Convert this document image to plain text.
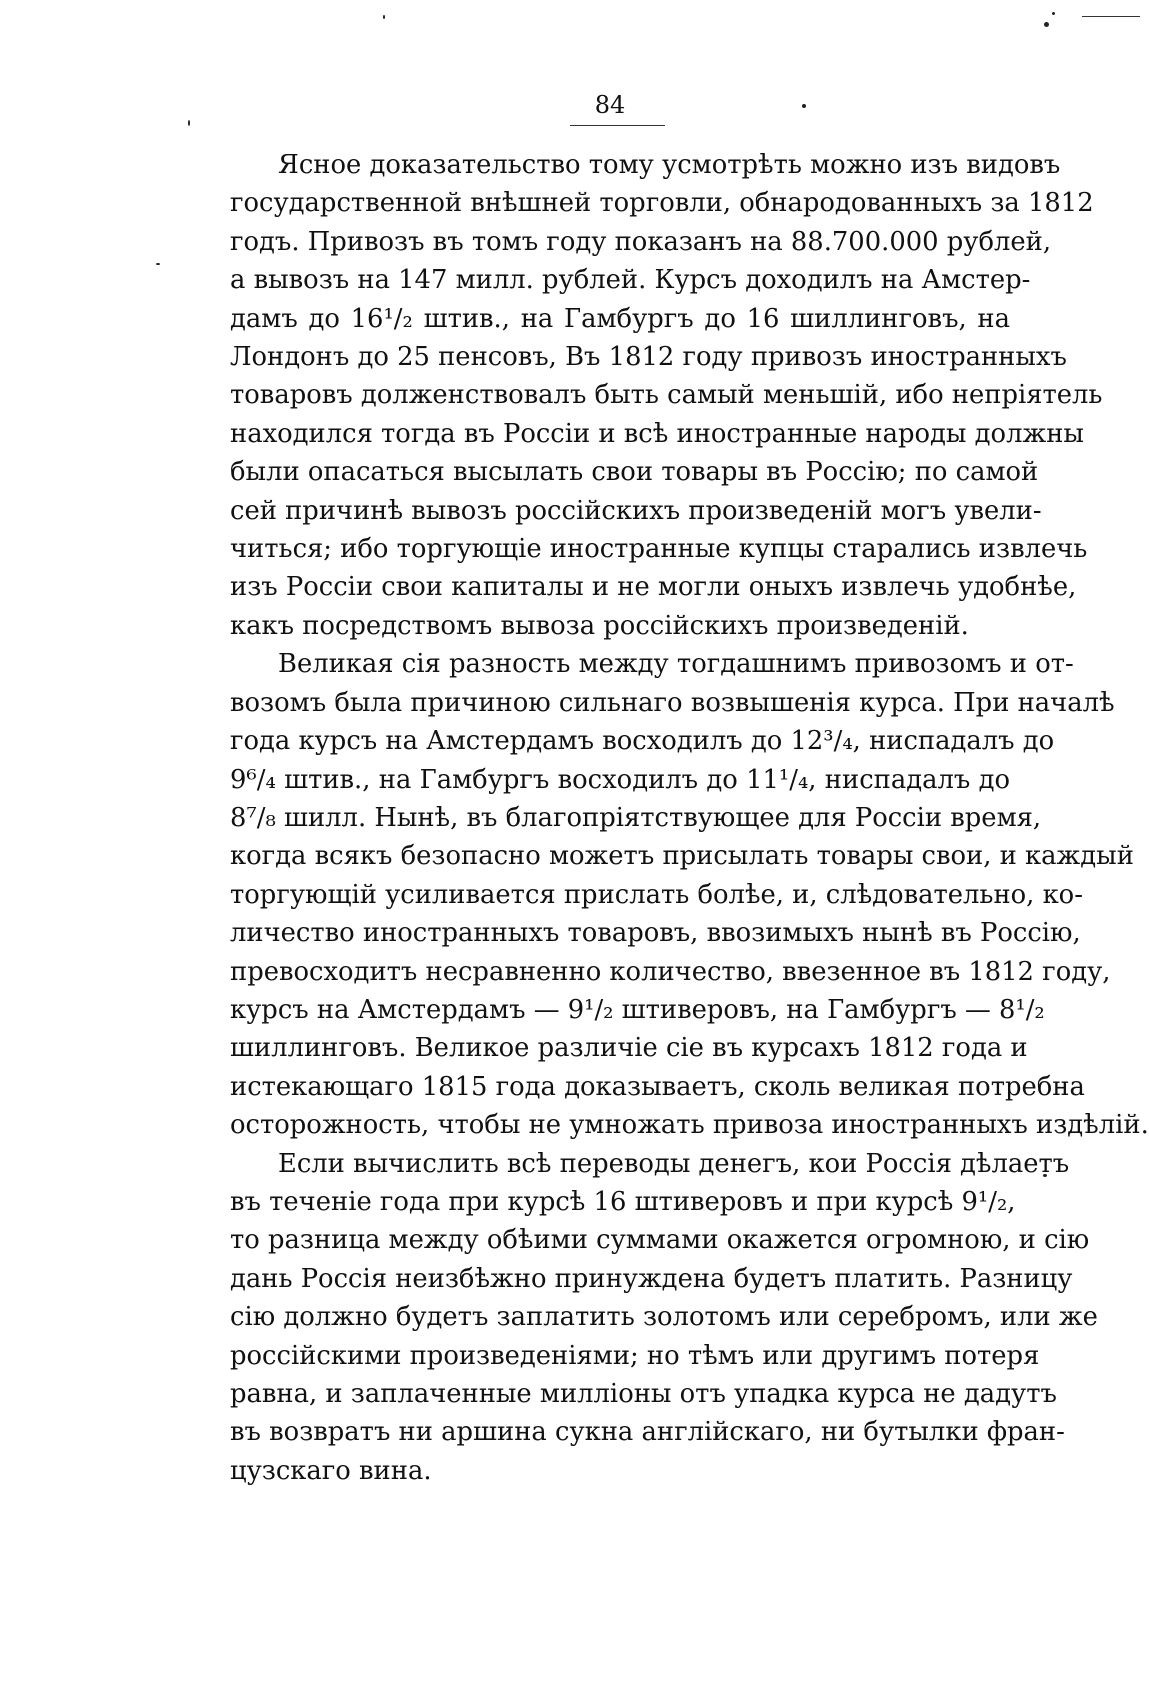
84
Ясное доказательство тому усмотрѣть можно изъ видовъ
государственной внѣшней торговли, обнародованныхъ за 1812
годъ. Привозъ въ томъ году показанъ на 88.700.000 рублей,
а вывозъ на 147 милл. рублей. Курсъ доходилъ на Амстер-
дамъ до 16¹/₂ штив., на Гамбургъ до 16 шиллинговъ, на
Лондонъ до 25 пенсовъ, Въ 1812 году привозъ иностранныхъ
товаровъ долженствовалъ быть самый меньшій, ибо непріятель
находился тогда въ Россіи и всѣ иностранные народы должны
были опасаться высылать свои товары въ Россію; по самой
сей причинѣ вывозъ россійскихъ произведеній могъ увели-
читься; ибо торгующіе иностранные купцы старались извлечь
изъ Россіи свои капиталы и не могли оныхъ извлечь удобнѣе,
какъ посредствомъ вывоза россійскихъ произведеній.
Великая сія разность между тогдашнимъ привозомъ и от-
возомъ была причиною сильнаго возвышенія курса. При началѣ
года курсъ на Амстердамъ восходилъ до 12³/₄, ниспадалъ до
9⁶/₄ штив., на Гамбургъ восходилъ до 11¹/₄, ниспадалъ до
8⁷/₈ шилл. Нынѣ, въ благопріятствующее для Россіи время,
когда всякъ безопасно можетъ присылать товары свои, и каждый
торгующій усиливается прислать болѣе, и, слѣдовательно, ко-
личество иностранныхъ товаровъ, ввозимыхъ нынѣ въ Россію,
превосходитъ несравненно количество, ввезенное въ 1812 году,
курсъ на Амстердамъ — 9¹/₂ штиверовъ, на Гамбургъ — 8¹/₂
шиллинговъ. Великое различіе сіе въ курсахъ 1812 года и
истекающаго 1815 года доказываетъ, сколь великая потребна
осторожность, чтобы не умножать привоза иностранныхъ издѣлій.
Если вычислить всѣ переводы денегъ, кои Россія дѣлаетъ
въ теченіе года при курсѣ 16 штиверовъ и при курсѣ 9¹/₂,
то разница между обѣими суммами окажется огромною, и сію
дань Россія неизбѣжно принуждена будетъ платить. Разницу
сію должно будетъ заплатить золотомъ или серебромъ, или же
россійскими произведеніями; но тѣмъ или другимъ потеря
равна, и заплаченные милліоны отъ упадка курса не дадутъ
въ возвратъ ни аршина сукна англійскаго, ни бутылки фран-
цузскаго вина.
